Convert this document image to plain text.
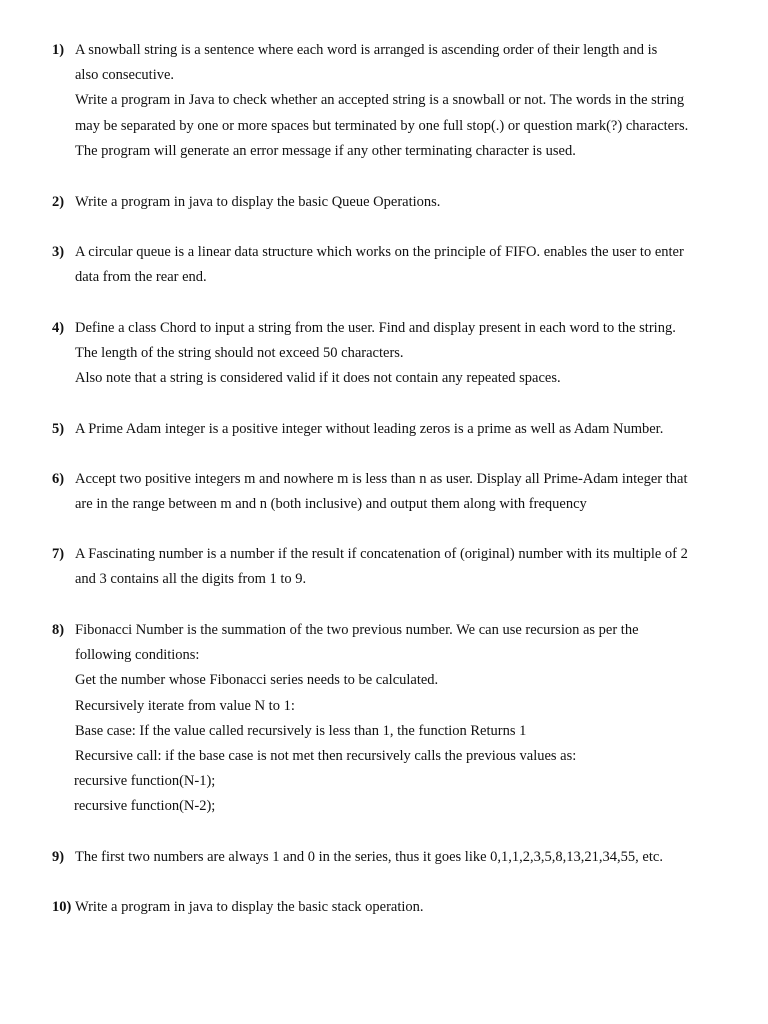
1) A snowball string is a sentence where each word is arranged is ascending order of their length and is
also consecutive.
Write a program in Java to check whether an accepted string is a snowball or not. The words in the string
may be separated by one or more spaces but terminated by one full stop(.) or question mark(?) characters.
The program will generate an error message if any other terminating character is used.
2) Write a program in java to display the basic Queue Operations.
3) A circular queue is a linear data structure which works on the principle of FIFO. enables the user to enter
data from the rear end.
4) Define a class Chord to input a string from the user. Find and display present in each word to the string.
The length of the string should not exceed 50 characters.
Also note that a string is considered valid if it does not contain any repeated spaces.
5) A Prime Adam integer is a positive integer without leading zeros is a prime as well as Adam Number.
6) Accept two positive integers m and nowhere m is less than n as user. Display all Prime-Adam integer that
are in the range between m and n (both inclusive) and output them along with frequency
7) A Fascinating number is a number if the result if concatenation of (original) number with its multiple of 2
and 3 contains all the digits from 1 to 9.
8) Fibonacci Number is the summation of the two previous number. We can use recursion as per the
following conditions:
Get the number whose Fibonacci series needs to be calculated.
Recursively iterate from value N to 1:
Base case: If the value called recursively is less than 1, the function Returns 1
Recursive call: if the base case is not met then recursively calls the previous values as:
recursive function(N-1);
recursive function(N-2);
9) The first two numbers are always 1 and 0 in the series, thus it goes like 0,1,1,2,3,5,8,13,21,34,55, etc.
10) Write a program in java to display the basic stack operation.
